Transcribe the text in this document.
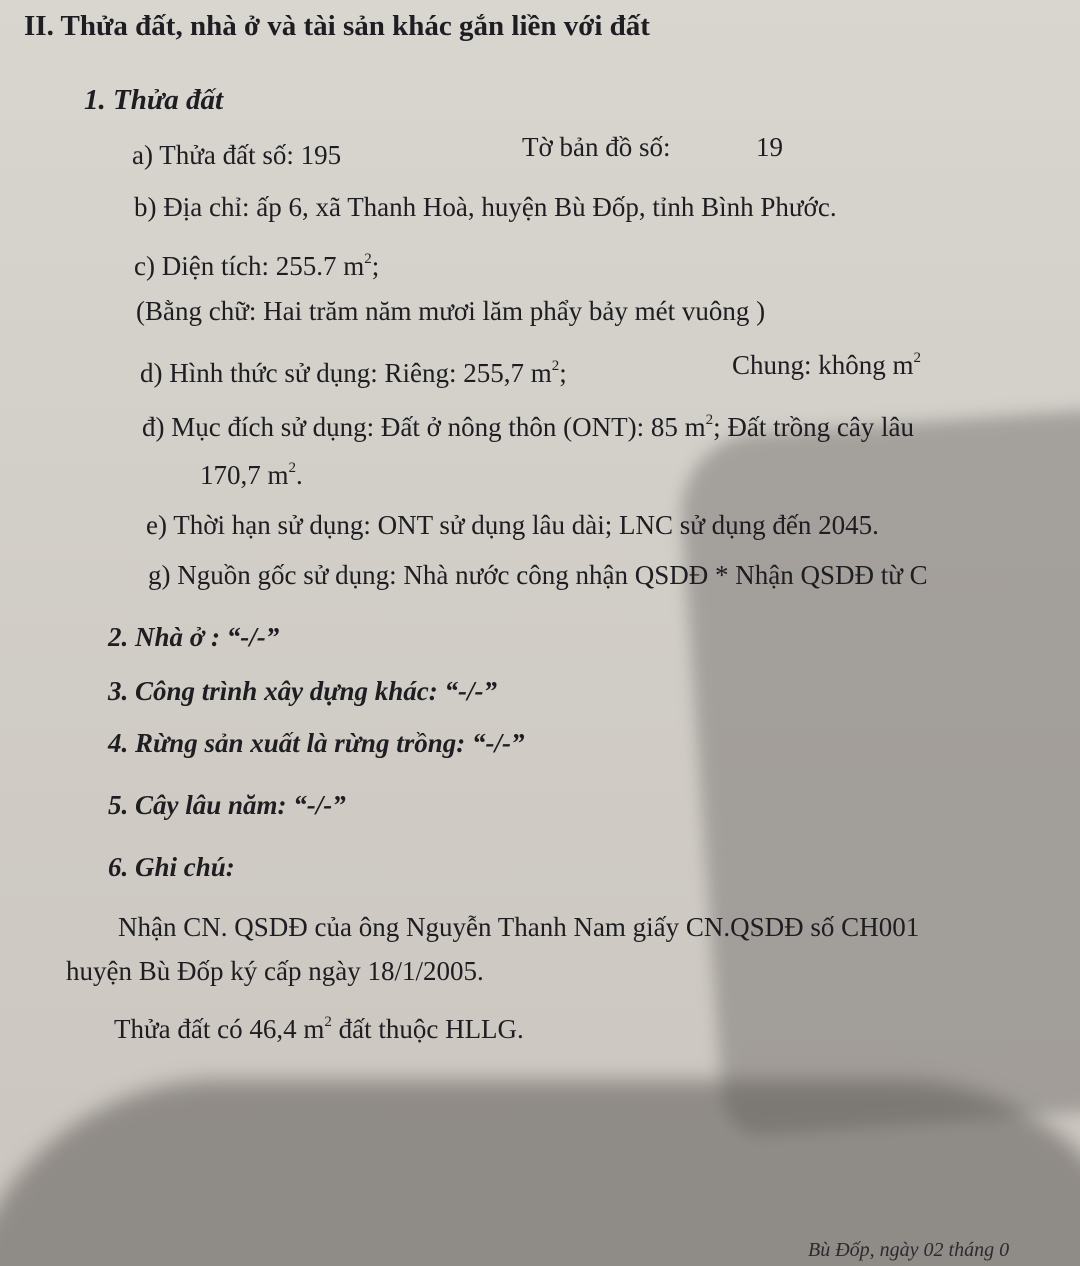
II. Thửa đất, nhà ở và tài sản khác gắn liền với đất
1. Thửa đất
a) Thửa đất số: 195	Tờ bản đồ số:	19
b) Địa chỉ: ấp 6, xã Thanh Hoà, huyện Bù Đốp, tỉnh Bình Phước.
c) Diện tích: 255.7 $m^2$;
(Bằng chữ: Hai trăm năm mươi lăm phẩy bảy mét vuông )
d) Hình thức sử dụng: Riêng: 255,7 $m^2$;	Chung: không $m^2$
đ) Mục đích sử dụng: Đất ở nông thôn (ONT): 85 $m^2$; Đất trồng cây lâu
170,7 $m^2$.
e) Thời hạn sử dụng: ONT sử dụng lâu dài; LNC sử dụng đến 2045.
g) Nguồn gốc sử dụng: Nhà nước công nhận QSDĐ * Nhận QSDĐ từ C
2. Nhà ở : “-/-”
3. Công trình xây dựng khác: “-/-”
4. Rừng sản xuất là rừng trồng: “-/-”
5. Cây lâu năm: “-/-”
6. Ghi chú:
Nhận CN. QSDĐ của ông Nguyễn Thanh Nam giấy CN.QSDĐ số CH001
huyện Bù Đốp ký cấp ngày 18/1/2005.
Thửa đất có 46,4 $m^2$ đất thuộc HLLG.
Bù Đốp, ngày 02 tháng 0
